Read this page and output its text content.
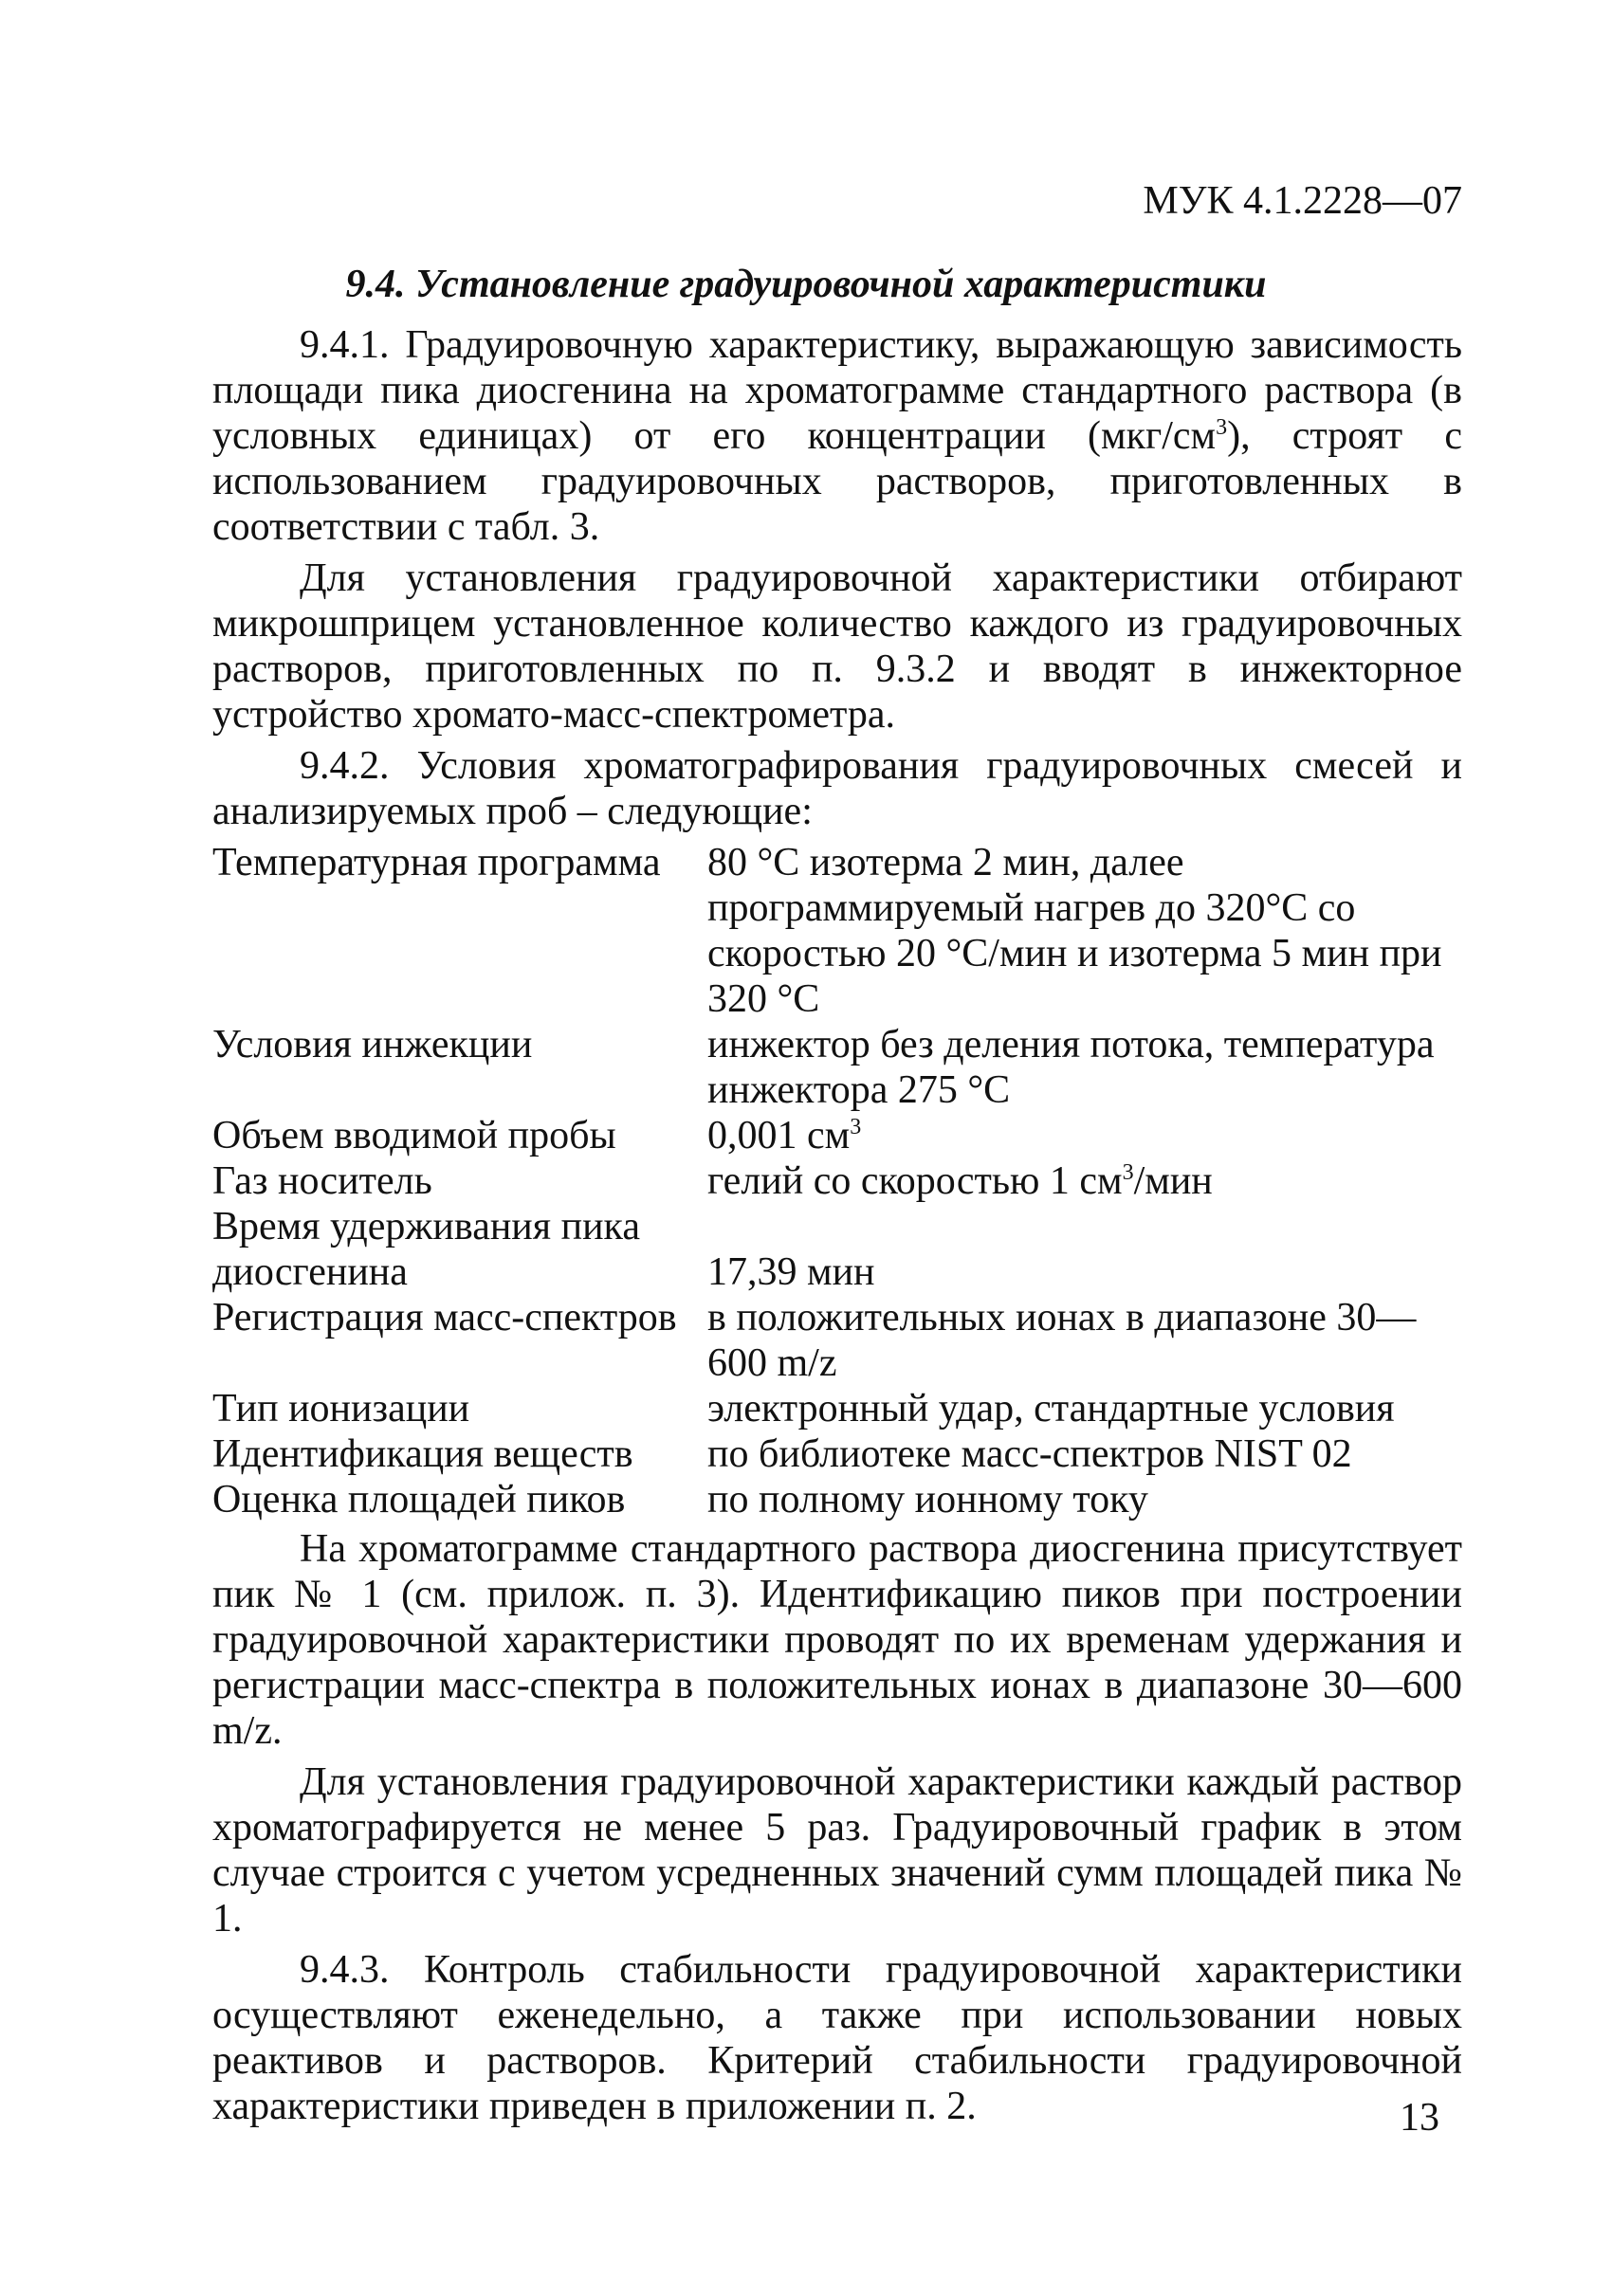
МУК 4.1.2228—07
9.4. Установление градуировочной характеристики

9.4.1. Градуировочную характеристику, выражающую зависимость площади пика диосгенина на хроматограмме стандартного раствора (в условных единицах) от его концентрации $(мкг/см^3)$, строят с использованием градуировочных растворов, приготовленных в соответствии с табл. 3.

Для установления градуировочной характеристики отбирают микрошприцем установленное количество каждого из градуировочных растворов, приготовленных по п. 9.3.2 и вводят в инжекторное устройство хромато-масс-спектрометра.

9.4.2. Условия хроматографирования градуировочных смесей и анализируемых проб – следующие:

Температурная программа	80 °С изотерма 2 мин, далее программируемый нагрев до 320°С со скоростью 20 °С/мин и изотерма 5 мин при 320 °С
Условия инжекции	инжектор без деления потока, температура инжектора 275 °С
Объем вводимой пробы	0,001 $см^3$
Газ носитель	гелий со скоростью 1 $см^3$/мин
Время удерживания пика	
диосгенина	17,39 мин
Регистрация масс-спектров	в положительных ионах в диапазоне 30—600 m/z
Тип ионизации	электронный удар, стандартные условия
Идентификация веществ	по библиотеке масс-спектров NIST 02
Оценка площадей пиков	по полному ионному току

На хроматограмме стандартного раствора диосгенина присутствует пик № 1 (см. прилож. п. 3). Идентификацию пиков при построении градуировочной характеристики проводят по их временам удержания и регистрации масс-спектра в положительных ионах в диапазоне 30—600 m/z.

Для установления градуировочной характеристики каждый раствор хроматографируется не менее 5 раз. Градуировочный график в этом случае строится с учетом усредненных значений сумм площадей пика № 1.

9.4.3. Контроль стабильности градуировочной характеристики осуществляют еженедельно, а также при использовании новых реактивов и растворов. Критерий стабильности градуировочной характеристики приведен в приложении п. 2.	13
